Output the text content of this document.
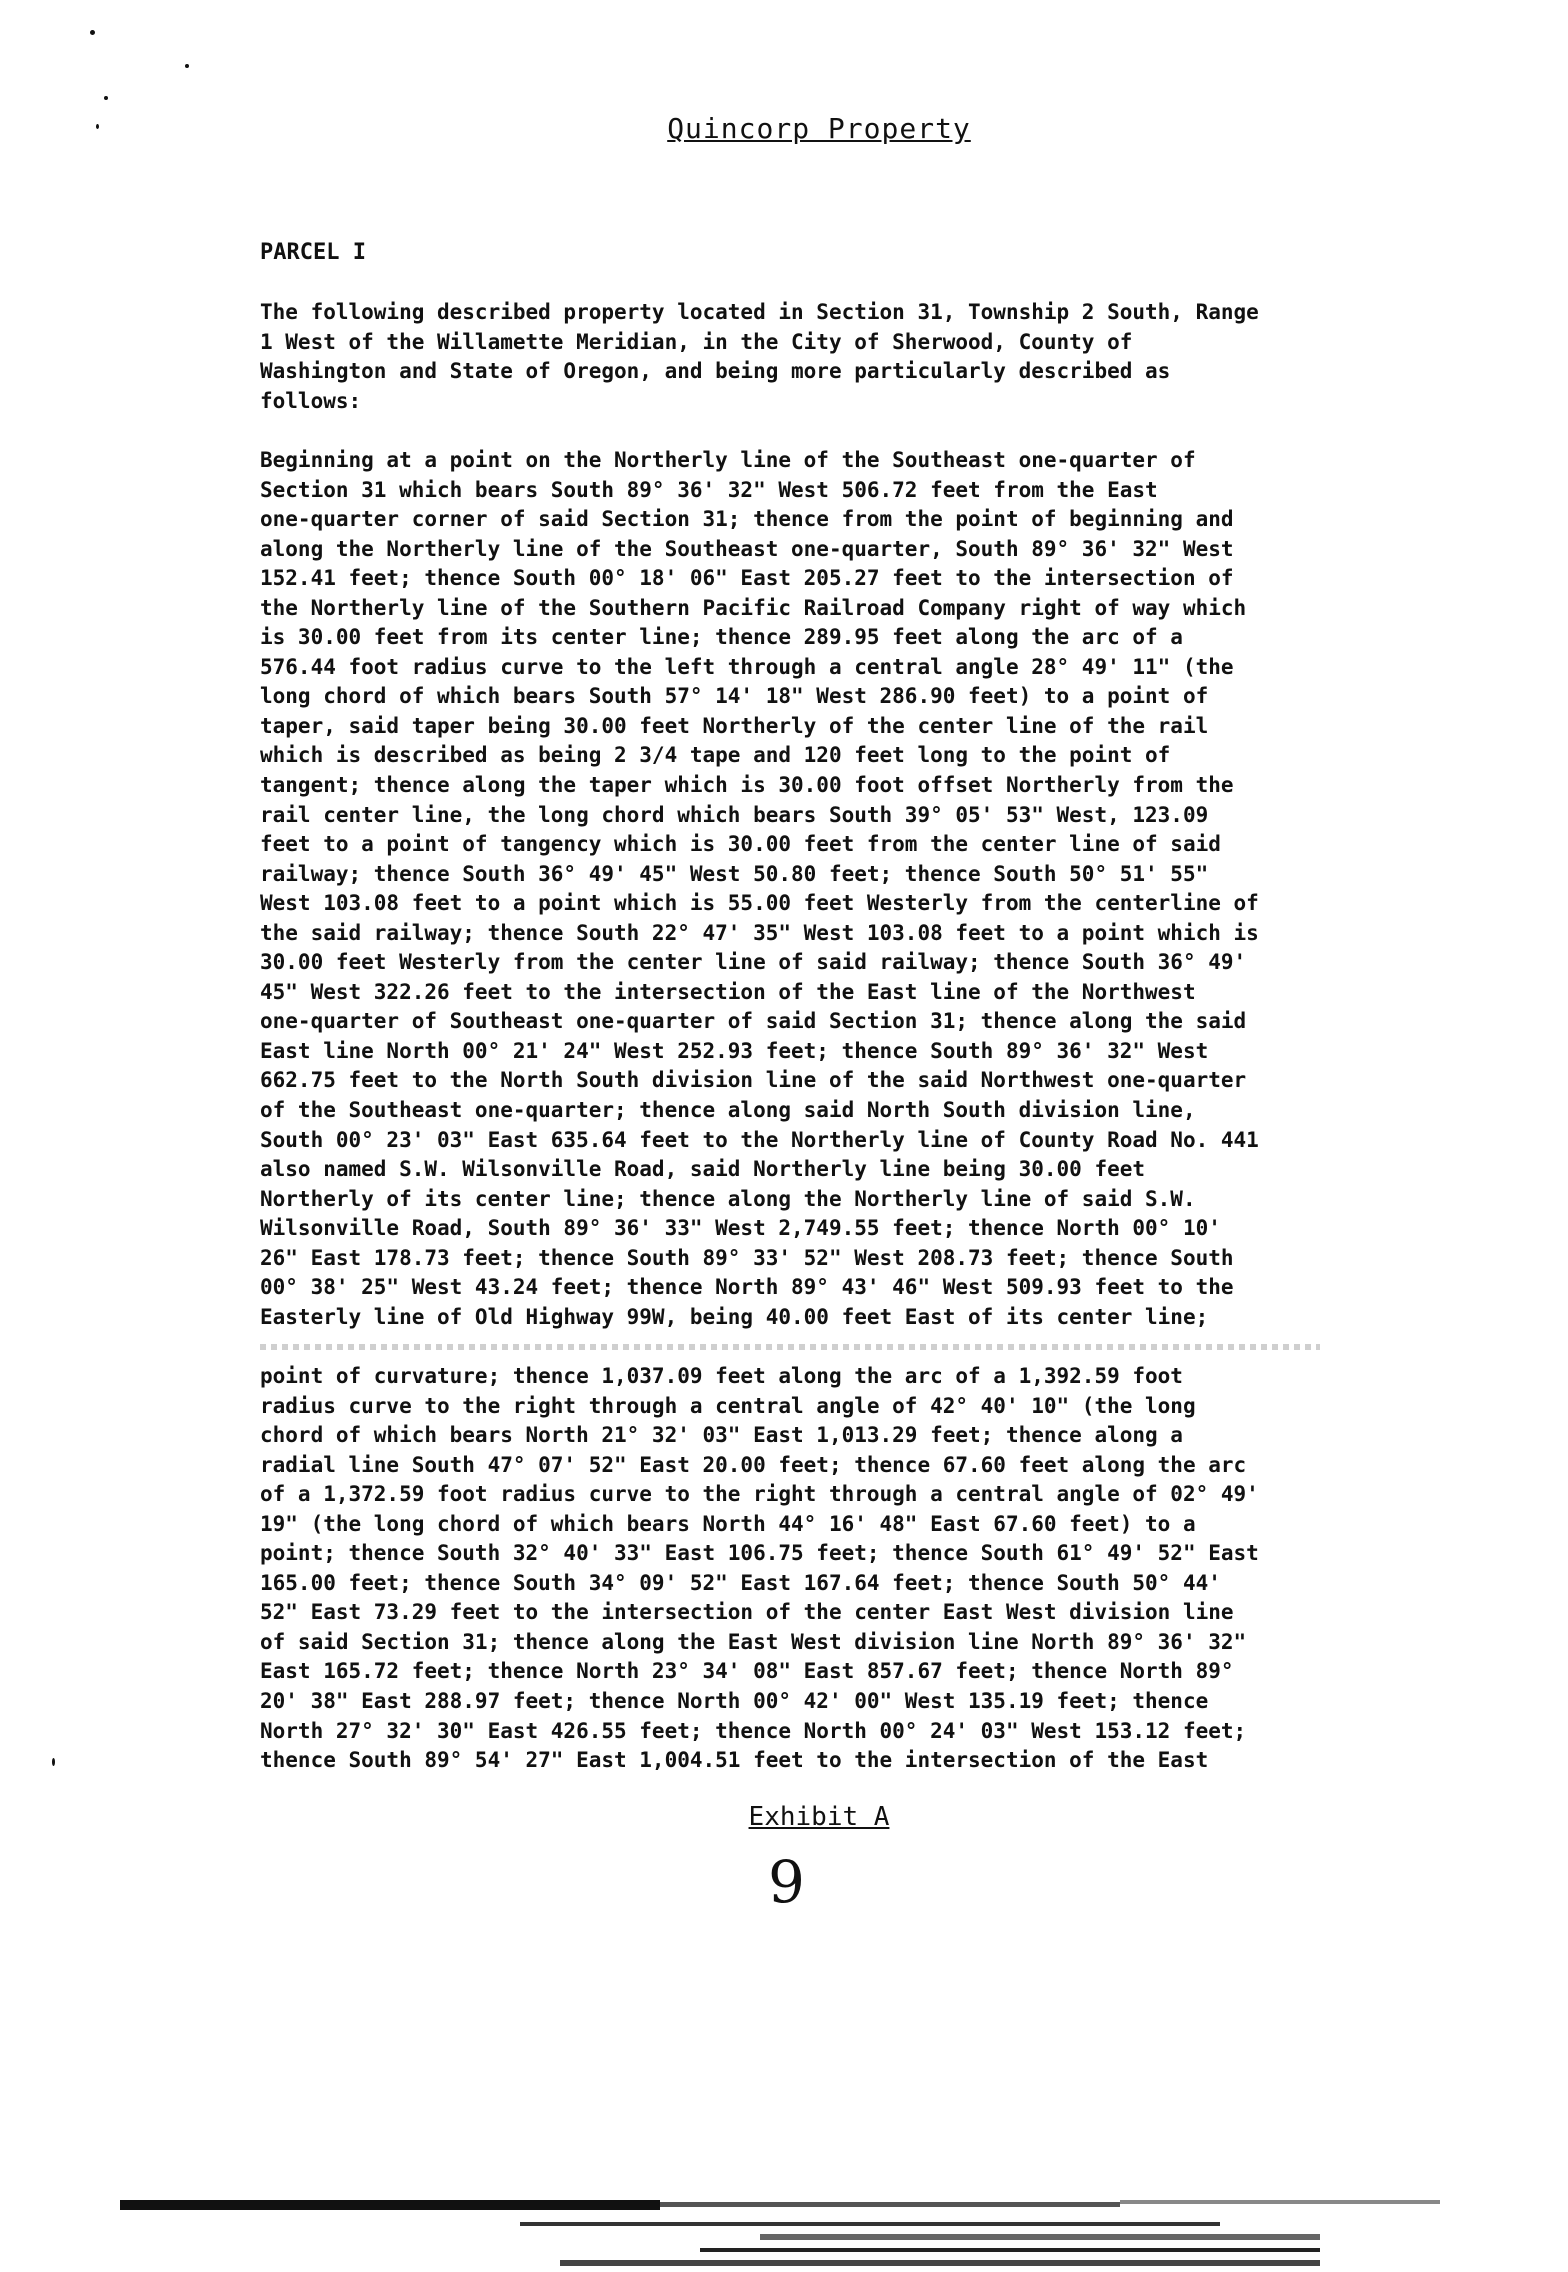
Quincorp Property
PARCEL I
The following described property located in Section 31, Township 2 South, Range
1 West of the Willamette Meridian, in the City of Sherwood, County of
Washington and State of Oregon, and being more particularly described as
follows:
Beginning at a point on the Northerly line of the Southeast one-quarter of
Section 31 which bears South 89° 36' 32" West 506.72 feet from the East
one-quarter corner of said Section 31; thence from the point of beginning and
along the Northerly line of the Southeast one-quarter, South 89° 36' 32" West
152.41 feet; thence South 00° 18' 06" East 205.27 feet to the intersection of
the Northerly line of the Southern Pacific Railroad Company right of way which
is 30.00 feet from its center line; thence 289.95 feet along the arc of a
576.44 foot radius curve to the left through a central angle 28° 49' 11" (the
long chord of which bears South 57° 14' 18" West 286.90 feet) to a point of
taper, said taper being 30.00 feet Northerly of the center line of the rail
which is described as being 2 3/4 tape and 120 feet long to the point of
tangent; thence along the taper which is 30.00 foot offset Northerly from the
rail center line, the long chord which bears South 39° 05' 53" West, 123.09
feet to a point of tangency which is 30.00 feet from the center line of said
railway; thence South 36° 49' 45" West 50.80 feet; thence South 50° 51' 55"
West 103.08 feet to a point which is 55.00 feet Westerly from the centerline of
the said railway; thence South 22° 47' 35" West 103.08 feet to a point which is
30.00 feet Westerly from the center line of said railway; thence South 36° 49'
45" West 322.26 feet to the intersection of the East line of the Northwest
one-quarter of Southeast one-quarter of said Section 31; thence along the said
East line North 00° 21' 24" West 252.93 feet; thence South 89° 36' 32" West
662.75 feet to the North South division line of the said Northwest one-quarter
of the Southeast one-quarter; thence along said North South division line,
South 00° 23' 03" East 635.64 feet to the Northerly line of County Road No. 441
also named S.W. Wilsonville Road, said Northerly line being 30.00 feet
Northerly of its center line; thence along the Northerly line of said S.W.
Wilsonville Road, South 89° 36' 33" West 2,749.55 feet; thence North 00° 10'
26" East 178.73 feet; thence South 89° 33' 52" West 208.73 feet; thence South
00° 38' 25" West 43.24 feet; thence North 89° 43' 46" West 509.93 feet to the
Easterly line of Old Highway 99W, being 40.00 feet East of its center line;
point of curvature; thence 1,037.09 feet along the arc of a 1,392.59 foot
radius curve to the right through a central angle of 42° 40' 10" (the long
chord of which bears North 21° 32' 03" East 1,013.29 feet; thence along a
radial line South 47° 07' 52" East 20.00 feet; thence 67.60 feet along the arc
of a 1,372.59 foot radius curve to the right through a central angle of 02° 49'
19" (the long chord of which bears North 44° 16' 48" East 67.60 feet) to a
point; thence South 32° 40' 33" East 106.75 feet; thence South 61° 49' 52" East
165.00 feet; thence South 34° 09' 52" East 167.64 feet; thence South 50° 44'
52" East 73.29 feet to the intersection of the center East West division line
of said Section 31; thence along the East West division line North 89° 36' 32"
East 165.72 feet; thence North 23° 34' 08" East 857.67 feet; thence North 89°
20' 38" East 288.97 feet; thence North 00° 42' 00" West 135.19 feet; thence
North 27° 32' 30" East 426.55 feet; thence North 00° 24' 03" West 153.12 feet;
thence South 89° 54' 27" East 1,004.51 feet to the intersection of the East
Exhibit A
9
